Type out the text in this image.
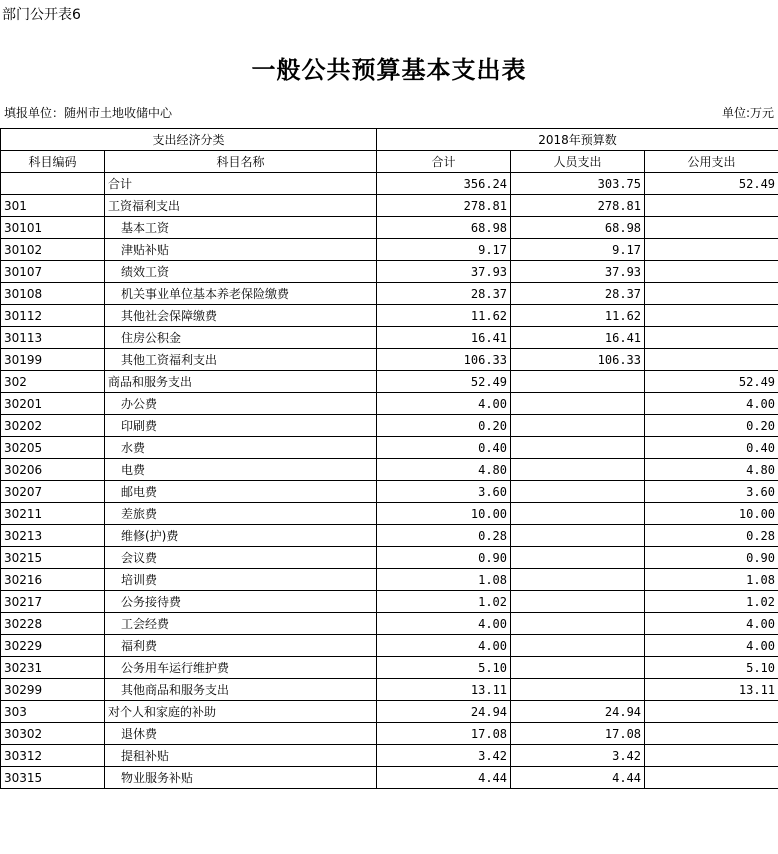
部门公开表6
一般公共预算基本支出表
填报单位：随州市土地收储中心	单位:万元
支出经济分类		2018年预算数		
科目编码	科目名称	合计	人员支出	公用支出
	合计	356.24	303.75	52.49
301	工资福利支出	278.81	278.81	
30101	基本工资	68.98	68.98	
30102	津贴补贴	9.17	9.17	
30107	绩效工资	37.93	37.93	
30108	机关事业单位基本养老保险缴费	28.37	28.37	
30112	其他社会保障缴费	11.62	11.62	
30113	住房公积金	16.41	16.41	
30199	其他工资福利支出	106.33	106.33	
302	商品和服务支出	52.49		52.49
30201	办公费	4.00		4.00
30202	印刷费	0.20		0.20
30205	水费	0.40		0.40
30206	电费	4.80		4.80
30207	邮电费	3.60		3.60
30211	差旅费	10.00		10.00
30213	维修(护)费	0.28		0.28
30215	会议费	0.90		0.90
30216	培训费	1.08		1.08
30217	公务接待费	1.02		1.02
30228	工会经费	4.00		4.00
30229	福利费	4.00		4.00
30231	公务用车运行维护费	5.10		5.10
30299	其他商品和服务支出	13.11		13.11
303	对个人和家庭的补助	24.94	24.94	
30302	退休费	17.08	17.08	
30312	提租补贴	3.42	3.42	
30315	物业服务补贴	4.44	4.44	
